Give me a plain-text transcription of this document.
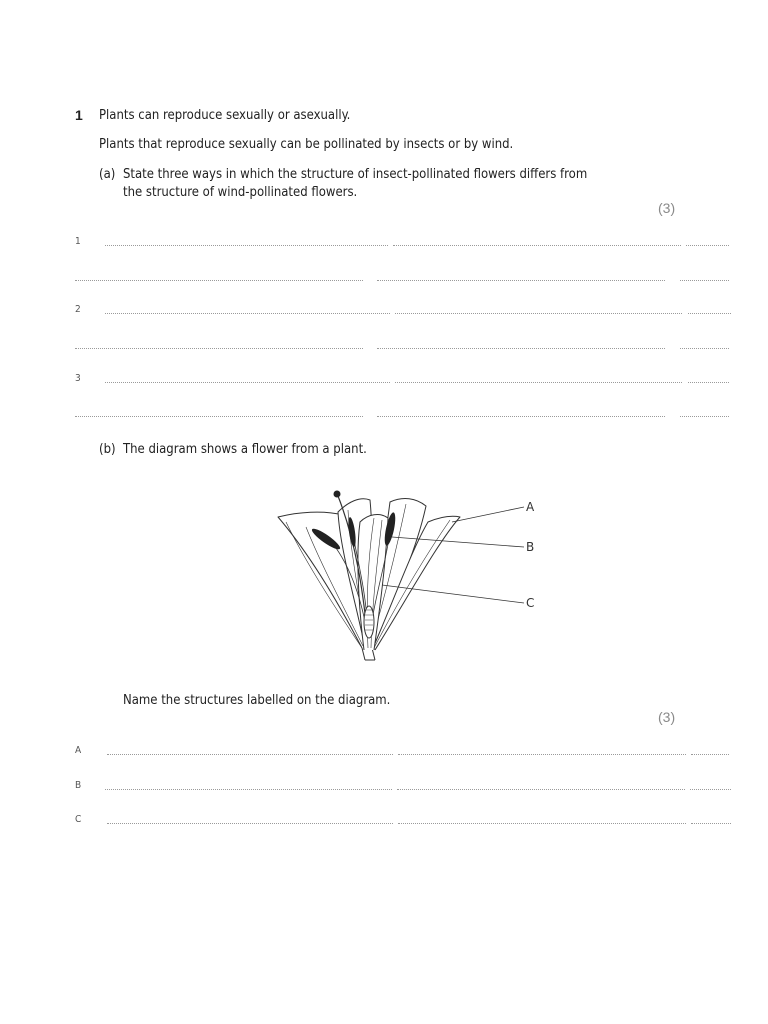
1 Plants can reproduce sexually or asexually.
Plants that reproduce sexually can be pollinated by insects or by wind.
(a) State three ways in which the structure of insect-pollinated flowers differs from
the structure of wind-pollinated flowers.
(3)
1
2
3
(b) The diagram shows a flower from a plant.
A
B
C
Name the structures labelled on the diagram.
(3)
A
B
C
